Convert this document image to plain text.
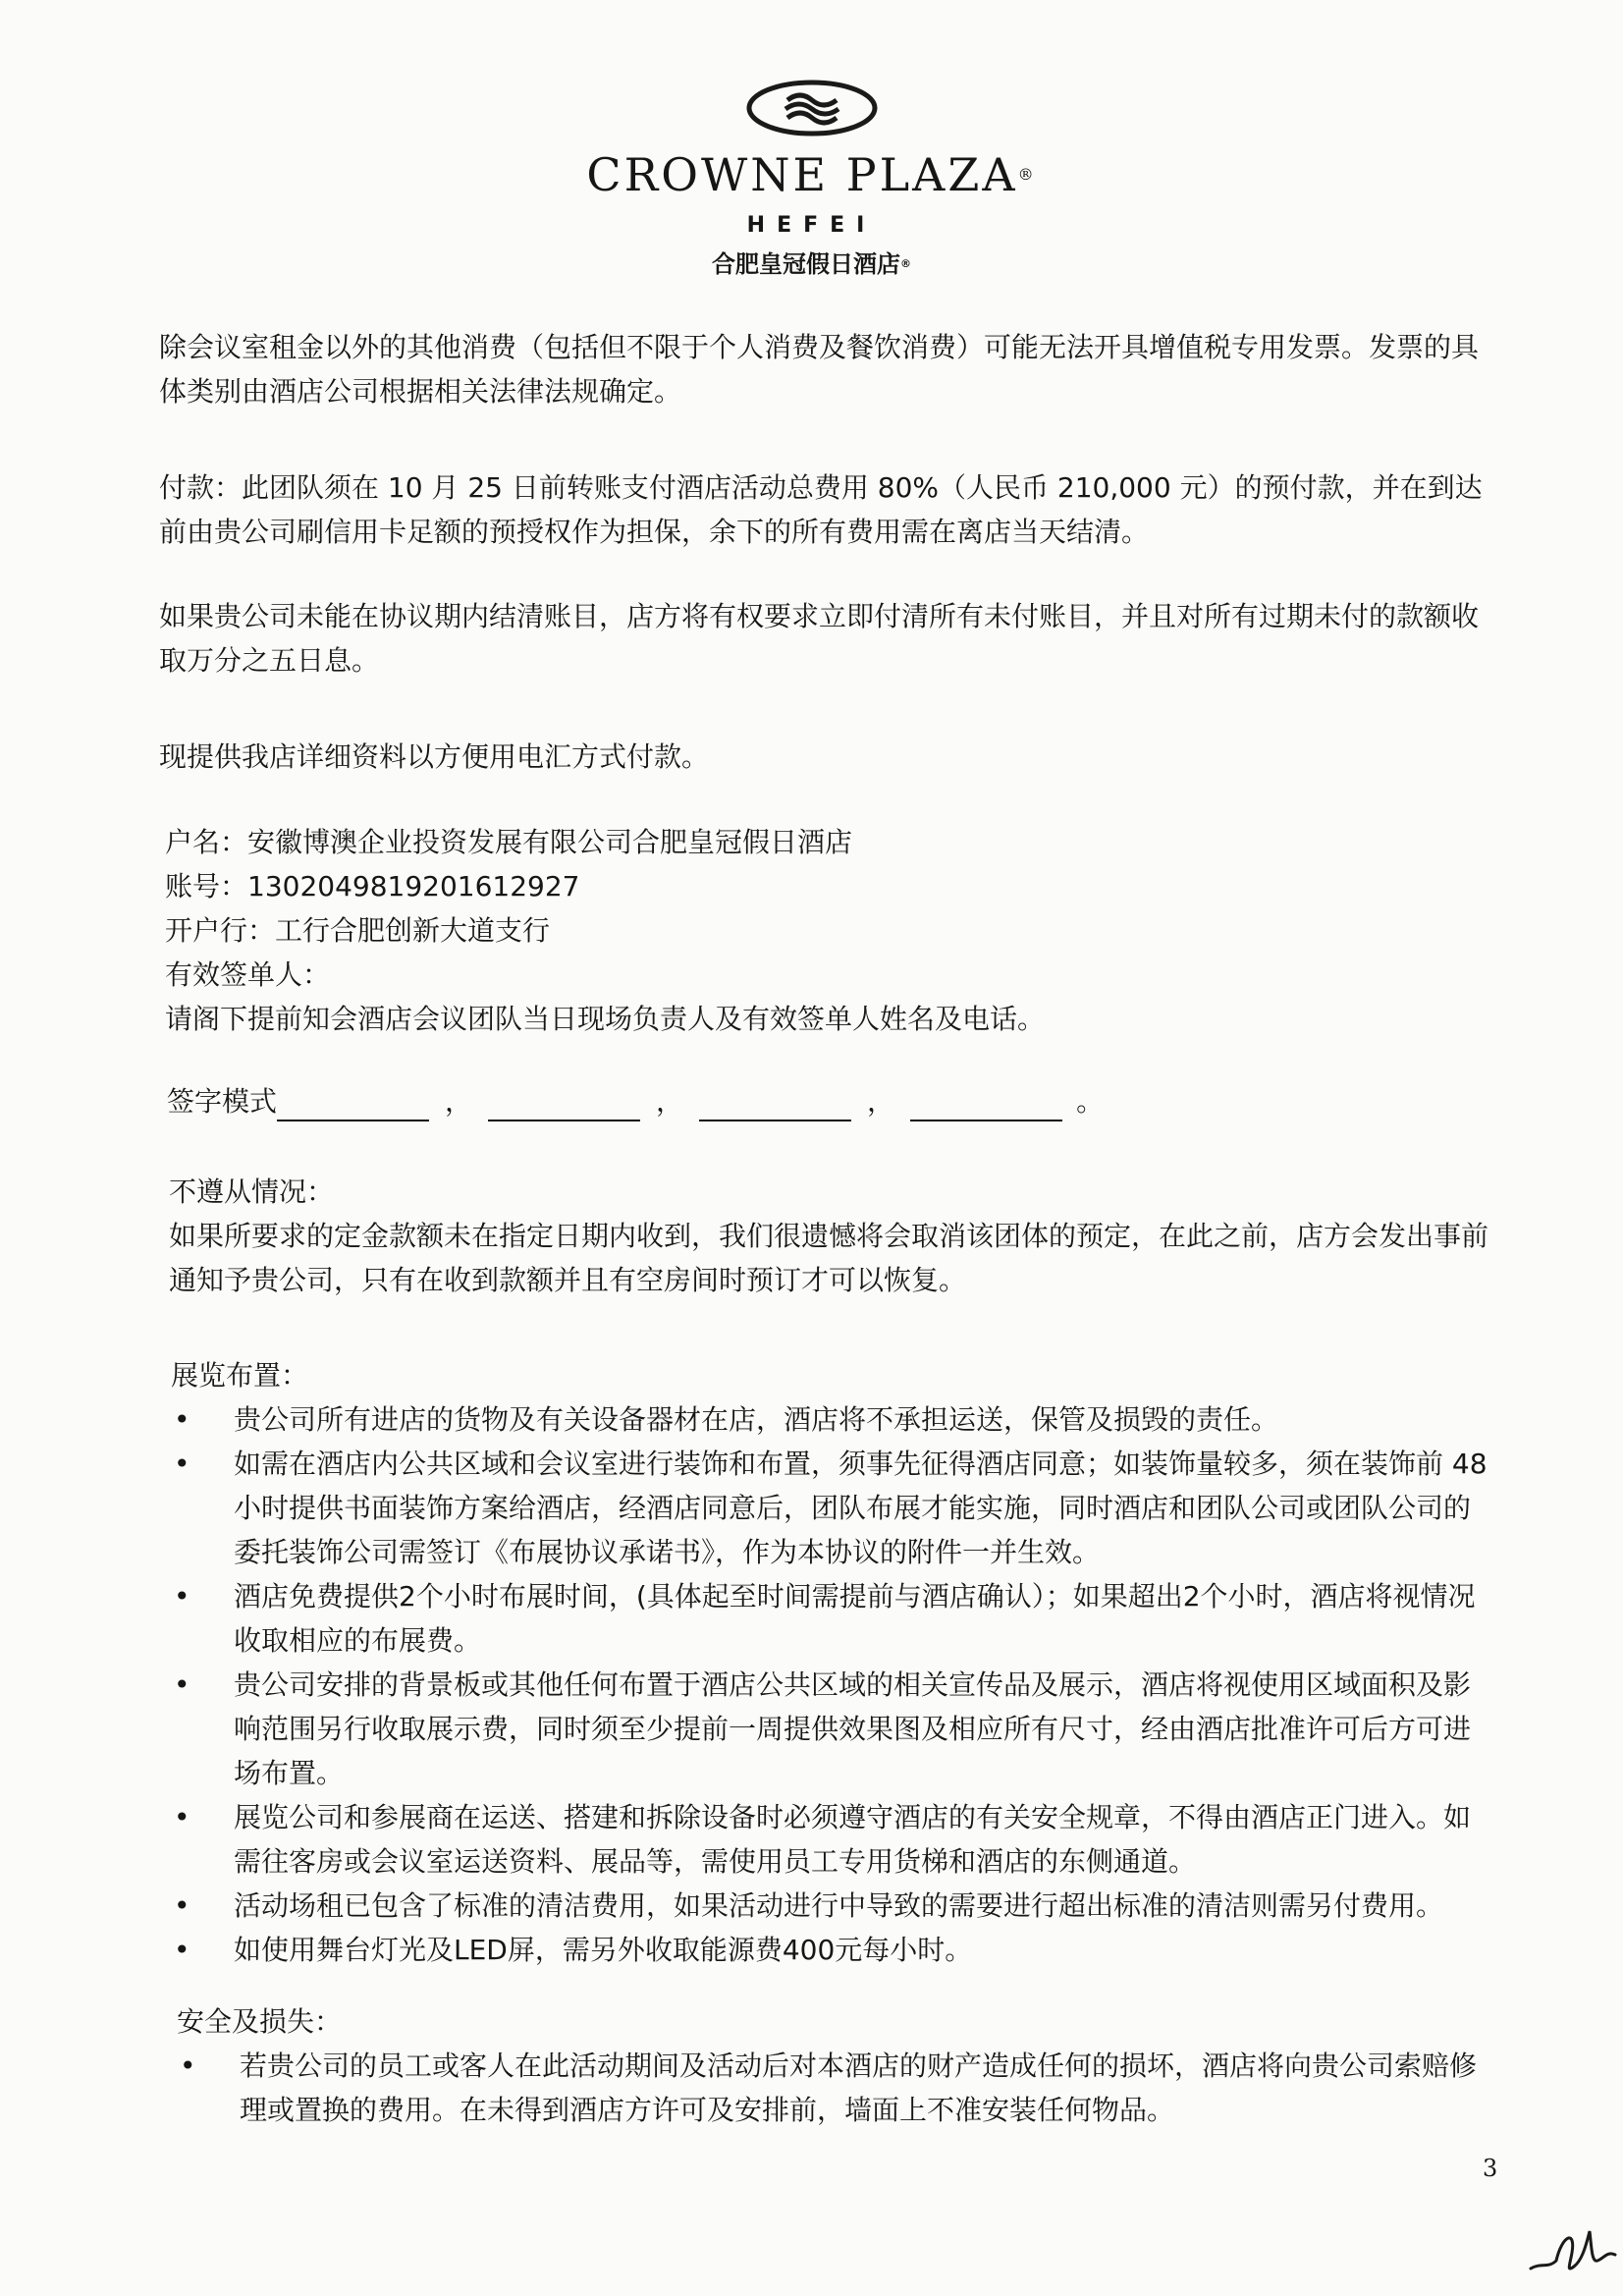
CROWNE PLAZA®
HEFEI
合肥皇冠假日酒店®
除会议室租金以外的其他消费（包括但不限于个人消费及餐饮消费）可能无法开具增值税专用发票。发票的具体类别由酒店公司根据相关法律法规确定。
付款：此团队须在 10 月 25 日前转账支付酒店活动总费用 80%（人民币 210,000 元）的预付款，并在到达前由贵公司刷信用卡足额的预授权作为担保，余下的所有费用需在离店当天结清。
如果贵公司未能在协议期内结清账目，店方将有权要求立即付清所有未付账目，并且对所有过期未付的款额收取万分之五日息。
现提供我店详细资料以方便用电汇方式付款。
户名：安徽博澳企业投资发展有限公司合肥皇冠假日酒店
账号：1302049819201612927
开户行：工行合肥创新大道支行
有效签单人：
请阁下提前知会酒店会议团队当日现场负责人及有效签单人姓名及电话。
签字模式	，	，	，	。
不遵从情况：
如果所要求的定金款额未在指定日期内收到，我们很遗憾将会取消该团体的预定，在此之前，店方会发出事前通知予贵公司，只有在收到款额并且有空房间时预订才可以恢复。
展览布置：
• 贵公司所有进店的货物及有关设备器材在店，酒店将不承担运送，保管及损毁的责任。
• 如需在酒店内公共区域和会议室进行装饰和布置，须事先征得酒店同意；如装饰量较多，须在装饰前 48 小时提供书面装饰方案给酒店，经酒店同意后，团队布展才能实施，同时酒店和团队公司或团队公司的委托装饰公司需签订《布展协议承诺书》，作为本协议的附件一并生效。
• 酒店免费提供2个小时布展时间，(具体起至时间需提前与酒店确认）；如果超出2个小时，酒店将视情况收取相应的布展费。
• 贵公司安排的背景板或其他任何布置于酒店公共区域的相关宣传品及展示，酒店将视使用区域面积及影响范围另行收取展示费，同时须至少提前一周提供效果图及相应所有尺寸，经由酒店批准许可后方可进场布置。
• 展览公司和参展商在运送、搭建和拆除设备时必须遵守酒店的有关安全规章，不得由酒店正门进入。如需往客房或会议室运送资料、展品等，需使用员工专用货梯和酒店的东侧通道。
• 活动场租已包含了标准的清洁费用，如果活动进行中导致的需要进行超出标准的清洁则需另付费用。
• 如使用舞台灯光及LED屏，需另外收取能源费400元每小时。
安全及损失：
• 若贵公司的员工或客人在此活动期间及活动后对本酒店的财产造成任何的损坏，酒店将向贵公司索赔修理或置换的费用。在未得到酒店方许可及安排前，墙面上不准安装任何物品。
3
